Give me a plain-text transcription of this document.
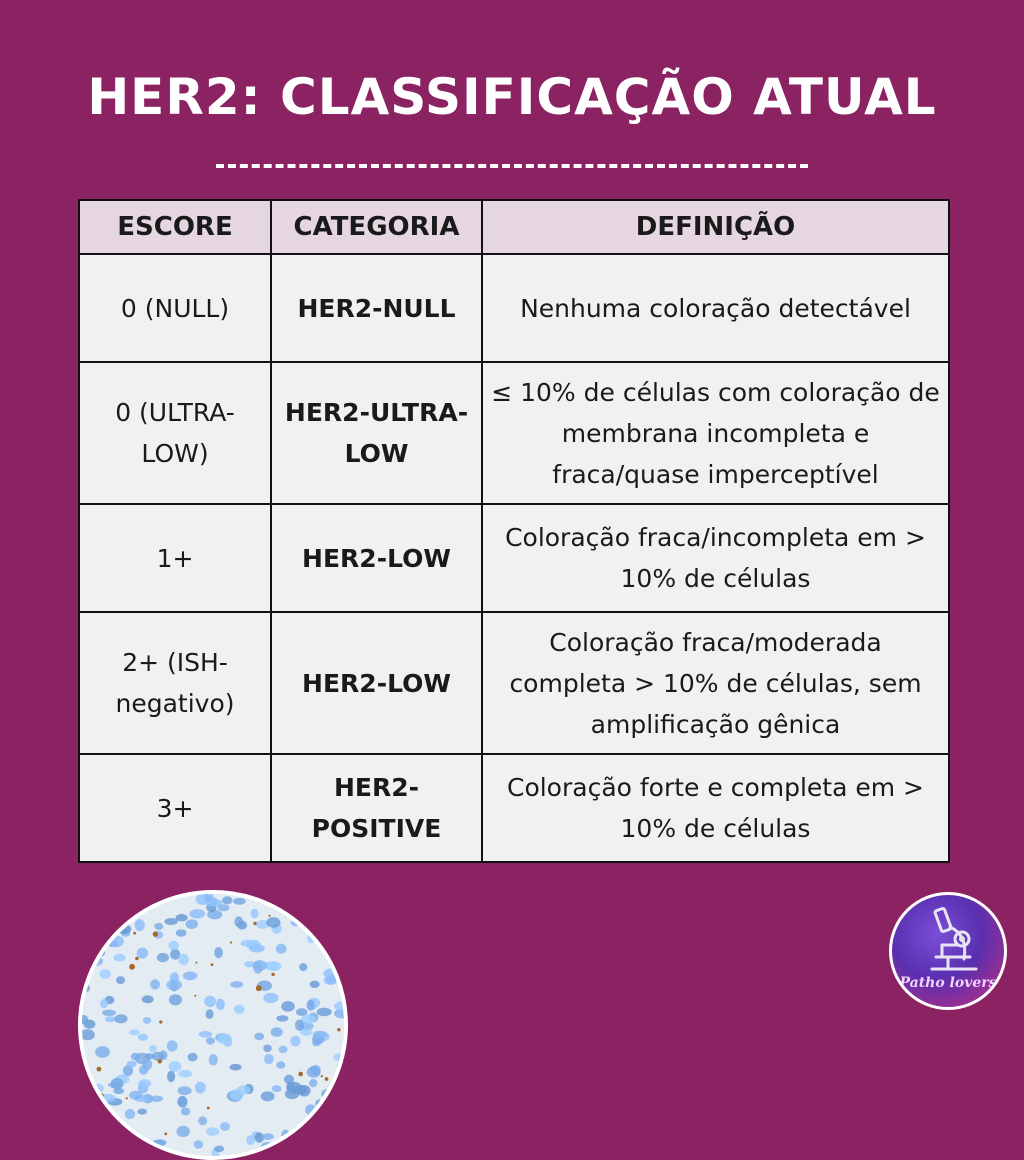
HER2: CLASSIFICAÇÃO ATUAL
ESCORE	CATEGORIA	DEFINIÇÃO
0 (NULL)	HER2-NULL	Nenhuma coloração detectável
0 (ULTRA-LOW)	HER2-ULTRA-LOW	≤ 10% de células com coloração de membrana incompleta e fraca/quase imperceptível
1+	HER2-LOW	Coloração fraca/incompleta em > 10% de células
2+ (ISH-negativo)	HER2-LOW	Coloração fraca/moderada completa > 10% de células, sem amplificação gênica
3+	HER2-POSITIVE	Coloração forte e completa em > 10% de células
Patho lovers
